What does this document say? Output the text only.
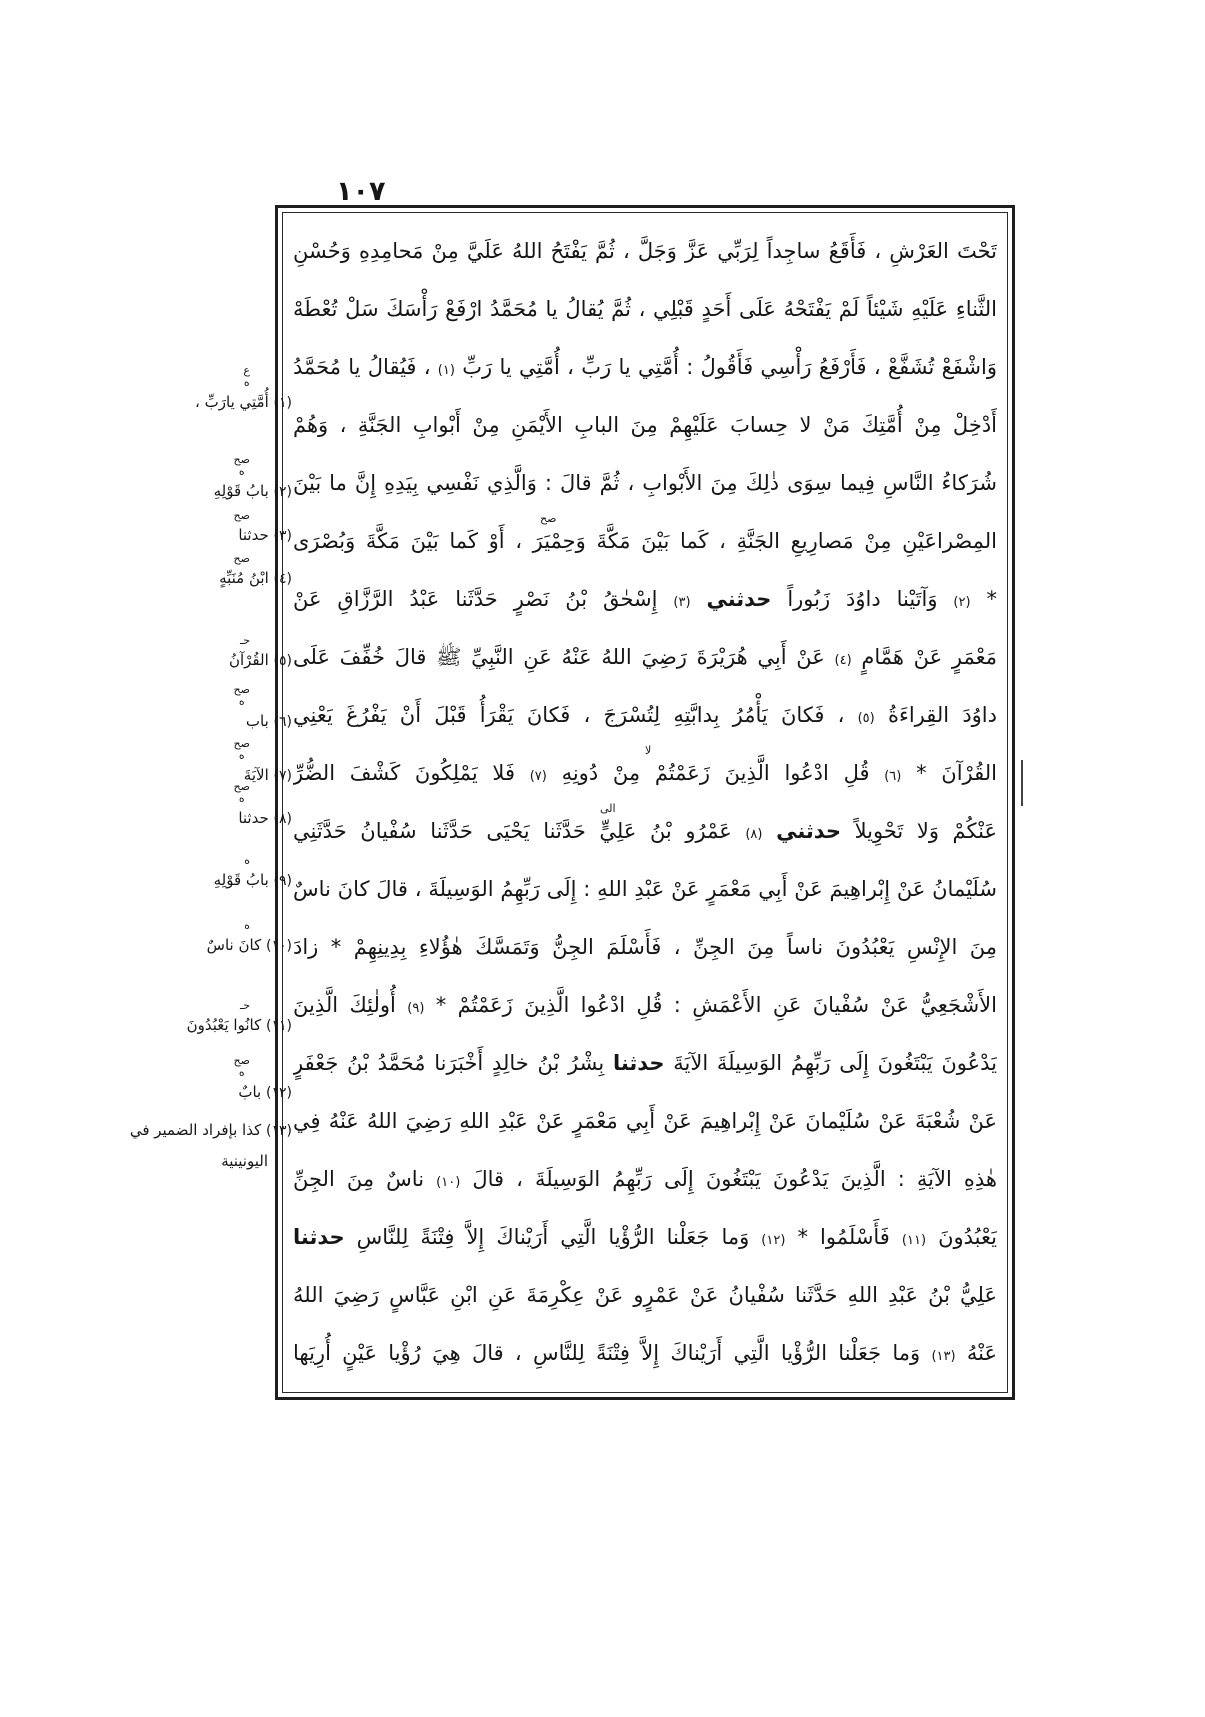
١٠٧
تَحْتَ العَرْشِ ، فَأَقَعُ ساجِداً لِرَبِّي عَزَّ وَجَلَّ ، ثُمَّ يَفْتَحُ اللهُ عَلَيَّ مِنْ مَحامِدِهِ وَحُسْنِ
الثَّناءِ عَلَيْهِ شَيْئاً لَمْ يَفْتَحْهُ عَلَى أَحَدٍ قَبْلِي ، ثُمَّ يُقالُ يا مُحَمَّدُ ارْفَعْ رَأْسَكَ سَلْ تُعْطَهْ
وَاشْفَعْ تُشَفَّعْ ، فَأَرْفَعُ رَأْسِي فَأَقُولُ : أُمَّتِي يا رَبِّ ، أُمَّتِي يا رَبِّ (١) ، فَيُقالُ يا مُحَمَّدُ
أَدْخِلْ مِنْ أُمَّتِكَ مَنْ لا حِسابَ عَلَيْهِمْ مِنَ البابِ الأَيْمَنِ مِنْ أَبْوابِ الجَنَّةِ ، وَهُمْ
شُرَكاءُ النَّاسِ فِيما سِوَى ذٰلِكَ مِنَ الأَبْوابِ ، ثُمَّ قالَ : وَالَّذِي نَفْسِي بِيَدِهِ إِنَّ ما بَيْنَ
المِصْراعَيْنِ مِنْ مَصارِيعِ الجَنَّةِ ، كَما بَيْنَ مَكَّةَ وَحِمْيَرَ ، أَوْ كَما بَيْنَ مَكَّةَ وَبُصْرَى
* (٢) وَآتَيْنا داوُدَ زَبُوراً حدثني (٣) إِسْحٰقُ بْنُ نَصْرٍ حَدَّثَنا عَبْدُ الرَّزَّاقِ عَنْ
مَعْمَرٍ عَنْ هَمَّامٍ (٤) عَنْ أَبِي هُرَيْرَةَ رَضِيَ اللهُ عَنْهُ عَنِ النَّبِيِّ ﷺ قالَ خُفِّفَ عَلَى
داوُدَ القِراءَةُ (٥) ، فَكانَ يَأْمُرُ بِدابَّتِهِ لِتُسْرَجَ ، فَكانَ يَقْرَأُ قَبْلَ أَنْ يَفْرُغَ يَعْنِي
القُرْآنَ * (٦) قُلِ ادْعُوا الَّذِينَ زَعَمْتُمْ مِنْ دُونِهِ (٧) فَلا يَمْلِكُونَ كَشْفَ الضُّرِّ
عَنْكُمْ وَلا تَحْوِيلاً حدثني (٨) عَمْرُو بْنُ عَلِيٍّ حَدَّثَنا يَحْيَى حَدَّثَنا سُفْيانُ حَدَّثَنِي
سُلَيْمانُ عَنْ إِبْراهِيمَ عَنْ أَبِي مَعْمَرٍ عَنْ عَبْدِ اللهِ : إِلَى رَبِّهِمُ الوَسِيلَةَ ، قالَ كانَ ناسٌ
مِنَ الإِنْسِ يَعْبُدُونَ ناساً مِنَ الجِنِّ ، فَأَسْلَمَ الجِنُّ وَتَمَسَّكَ هٰؤُلاءِ بِدِينِهِمْ * زادَ
الأَشْجَعِيُّ عَنْ سُفْيانَ عَنِ الأَعْمَشِ : قُلِ ادْعُوا الَّذِينَ زَعَمْتُمْ * (٩) أُولٰئِكَ الَّذِينَ
يَدْعُونَ يَبْتَغُونَ إِلَى رَبِّهِمُ الوَسِيلَةَ الآيَةَ حدثنا بِشْرُ بْنُ خالِدٍ أَخْبَرَنا مُحَمَّدُ بْنُ جَعْفَرٍ
عَنْ شُعْبَةَ عَنْ سُلَيْمانَ عَنْ إِبْراهِيمَ عَنْ أَبِي مَعْمَرٍ عَنْ عَبْدِ اللهِ رَضِيَ اللهُ عَنْهُ فِي
هٰذِهِ الآيَةِ : الَّذِينَ يَدْعُونَ يَبْتَغُونَ إِلَى رَبِّهِمُ الوَسِيلَةَ ، قالَ (١٠) ناسٌ مِنَ الجِنِّ
يَعْبُدُونَ (١١) فَأَسْلَمُوا * (١٢) وَما جَعَلْنا الرُّؤْيا الَّتِي أَرَيْناكَ إِلاَّ فِتْنَةً لِلنَّاسِ حدثنا
عَلِيُّ بْنُ عَبْدِ اللهِ حَدَّثَنا سُفْيانُ عَنْ عَمْرٍو عَنْ عِكْرِمَةَ عَنِ ابْنِ عَبَّاسٍ رَضِيَ اللهُ
عَنْهُ (١٣) وَما جَعَلْنا الرُّؤْيا الَّتِي أَرَيْناكَ إِلاَّ فِتْنَةً لِلنَّاسِ ، قالَ هِيَ رُؤْيا عَيْنٍ أُرِيَها
صح
لا
الى
ع
ه
(١) أُمَّتِي يارَبِّ ،
صح
ه
(٢) بابُ قَوْلِهِ
صح
(٣) حدثنا
صح
(٤) ابْنُ مُنَبِّهٍ
حـ
(٥) القُرْآنُ
صح
ه
(٦) باب
صح
ه
(٧) الآيَةَ
صح
ه
(٨) حدثنا
ه
(٩) بابُ قَوْلِهِ
ه
(١٠) كانَ ناسٌ
حـ
(١١) كانُوا يَعْبُدُونَ
صح
ه
(١٢) بابٌ
(١٣) كذا بإفراد الضمير في
اليونينية
